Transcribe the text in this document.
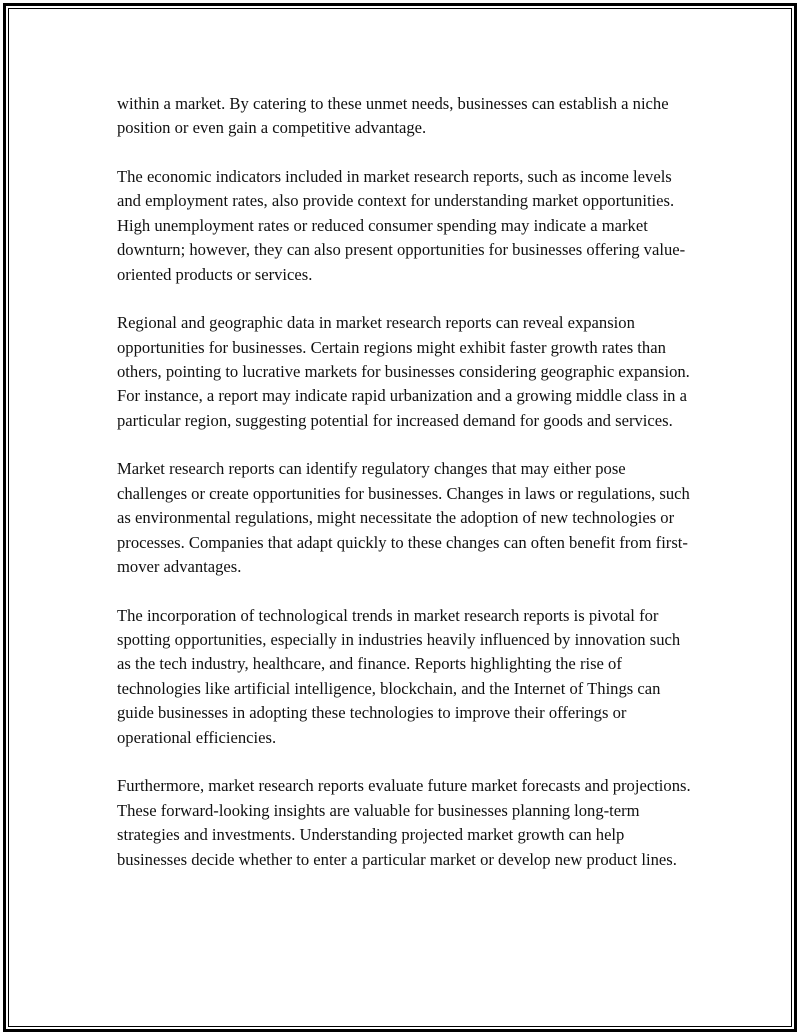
within a market. By catering to these unmet needs, businesses can establish a niche position or even gain a competitive advantage.

The economic indicators included in market research reports, such as income levels and employment rates, also provide context for understanding market opportunities. High unemployment rates or reduced consumer spending may indicate a market downturn; however, they can also present opportunities for businesses offering value-oriented products or services.

Regional and geographic data in market research reports can reveal expansion opportunities for businesses. Certain regions might exhibit faster growth rates than others, pointing to lucrative markets for businesses considering geographic expansion. For instance, a report may indicate rapid urbanization and a growing middle class in a particular region, suggesting potential for increased demand for goods and services.

Market research reports can identify regulatory changes that may either pose challenges or create opportunities for businesses. Changes in laws or regulations, such as environmental regulations, might necessitate the adoption of new technologies or processes. Companies that adapt quickly to these changes can often benefit from first-mover advantages.

The incorporation of technological trends in market research reports is pivotal for spotting opportunities, especially in industries heavily influenced by innovation such as the tech industry, healthcare, and finance. Reports highlighting the rise of technologies like artificial intelligence, blockchain, and the Internet of Things can guide businesses in adopting these technologies to improve their offerings or operational efficiencies.

Furthermore, market research reports evaluate future market forecasts and projections. These forward-looking insights are valuable for businesses planning long-term strategies and investments. Understanding projected market growth can help businesses decide whether to enter a particular market or develop new product lines.
